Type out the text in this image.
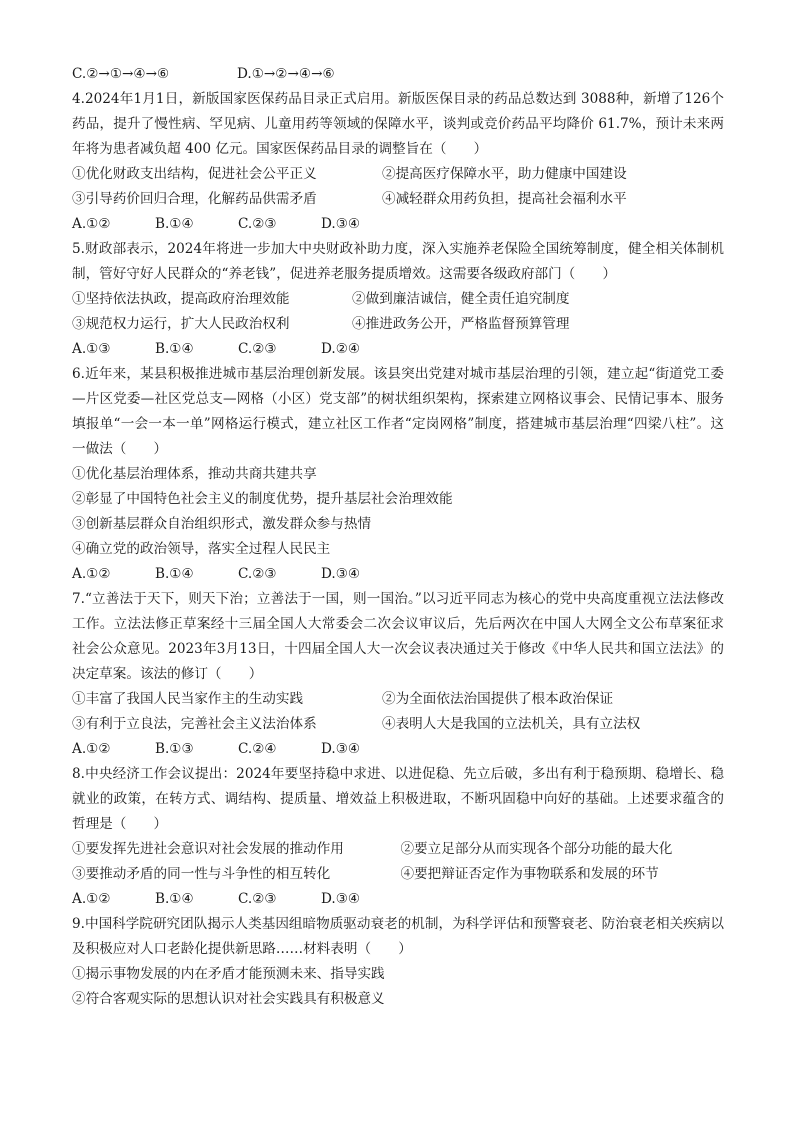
C.②→①→④→⑥	D.①→②→④→⑥
4.2024年1月1日，新版国家医保药品目录正式启用。新版医保目录的药品总数达到 3088种，新增了126个药品，提升了慢性病、罕见病、儿童用药等领域的保障水平，谈判或竞价药品平均降价 61.7%，预计未来两年将为患者减负超 400 亿元。国家医保药品目录的调整旨在（　　）
①优化财政支出结构，促进社会公平正义	②提高医疗保障水平，助力健康中国建设
③引导药价回归合理，化解药品供需矛盾	④减轻群众用药负担，提高社会福利水平
A.①②	B.①④	C.②③	D.③④
5.财政部表示，2024年将进一步加大中央财政补助力度，深入实施养老保险全国统筹制度，健全相关体制机制，管好守好人民群众的“养老钱”，促进养老服务提质增效。这需要各级政府部门（　　）
①坚持依法执政，提高政府治理效能	②做到廉洁诚信，健全责任追究制度
③规范权力运行，扩大人民政治权利	④推进政务公开，严格监督预算管理
A.①③	B.①④	C.②③	D.②④
6.近年来，某县积极推进城市基层治理创新发展。该县突出党建对城市基层治理的引领，建立起“街道党工委—片区党委—社区党总支—网格（小区）党支部”的树状组织架构，探索建立网格议事会、民情记事本、服务填报单“一会一本一单”网格运行模式，建立社区工作者“定岗网格”制度，搭建城市基层治理“四梁八柱”。这一做法（　　）
①优化基层治理体系，推动共商共建共享
②彰显了中国特色社会主义的制度优势，提升基层社会治理效能
③创新基层群众自治组织形式，激发群众参与热情
④确立党的政治领导，落实全过程人民民主
A.①②	B.①④	C.②③	D.③④
7.“立善法于天下，则天下治；立善法于一国，则一国治。”以习近平同志为核心的党中央高度重视立法法修改工作。立法法修正草案经十三届全国人大常委会二次会议审议后，先后两次在中国人大网全文公布草案征求社会公众意见。2023年3月13日，十四届全国人大一次会议表决通过关于修改《中华人民共和国立法法》的决定草案。该法的修订（　　）
①丰富了我国人民当家作主的生动实践	②为全面依法治国提供了根本政治保证
③有利于立良法，完善社会主义法治体系	④表明人大是我国的立法机关，具有立法权
A.①②	B.①③	C.②④	D.③④
8.中央经济工作会议提出：2024年要坚持稳中求进、以进促稳、先立后破，多出有利于稳预期、稳增长、稳就业的政策，在转方式、调结构、提质量、增效益上积极进取，不断巩固稳中向好的基础。上述要求蕴含的哲理是（　　）
①要发挥先进社会意识对社会发展的推动作用	②要立足部分从而实现各个部分功能的最大化
③要推动矛盾的同一性与斗争性的相互转化	④要把辩证否定作为事物联系和发展的环节
A.①②	B.①④	C.②③	D.③④
9.中国科学院研究团队揭示人类基因组暗物质驱动衰老的机制，为科学评估和预警衰老、防治衰老相关疾病以及积极应对人口老龄化提供新思路……材料表明（　　）
①揭示事物发展的内在矛盾才能预测未来、指导实践
②符合客观实际的思想认识对社会实践具有积极意义
